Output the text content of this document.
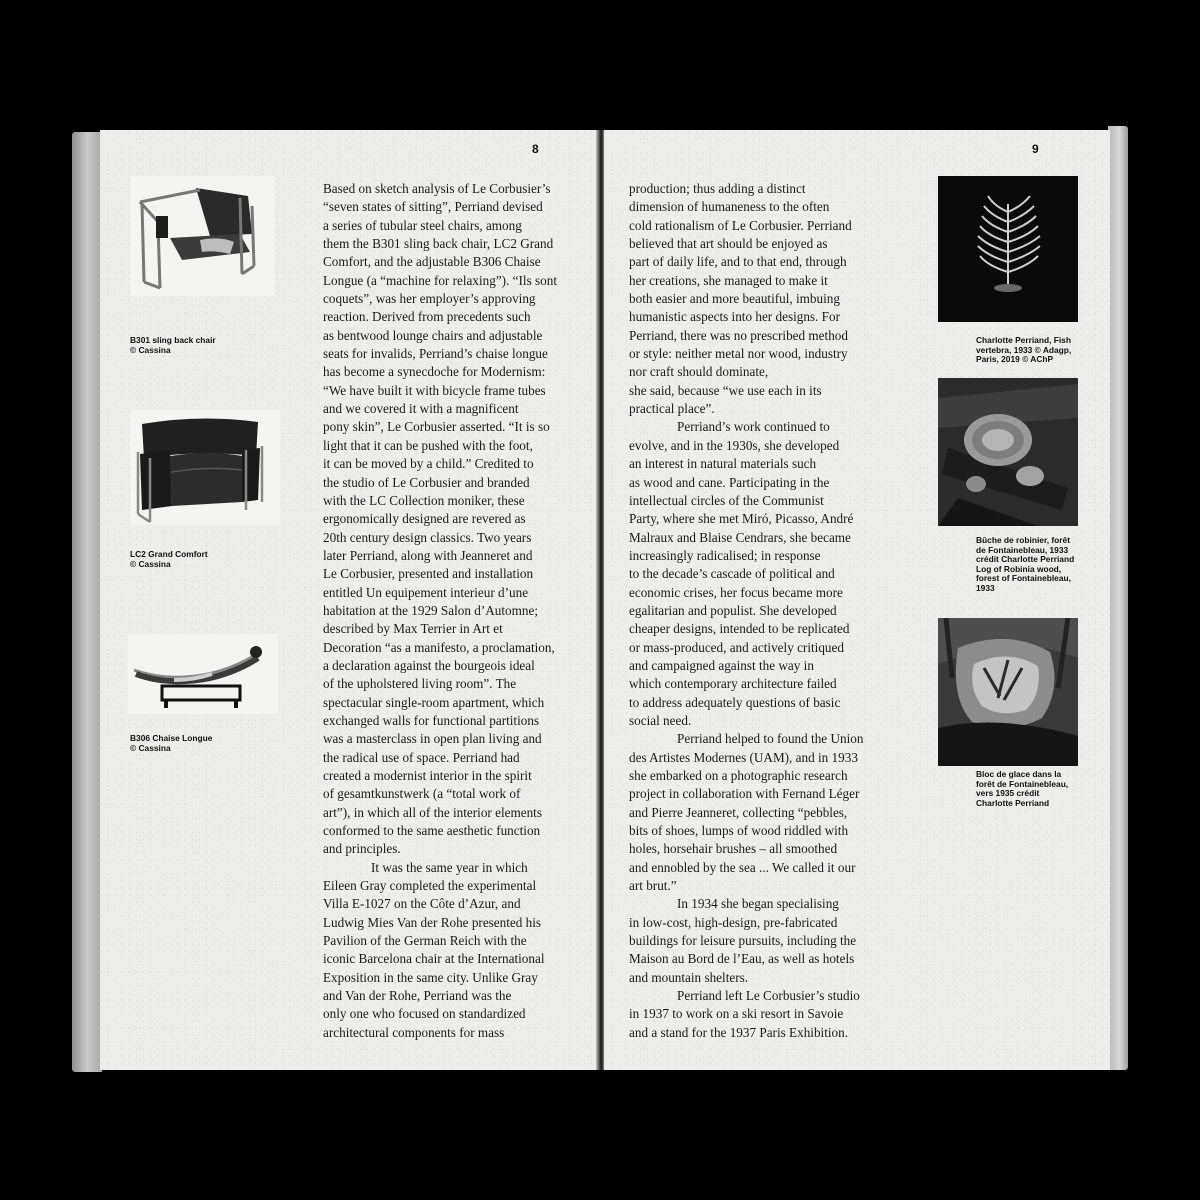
8
B301 sling back chair
© Cassina
LC2 Grand Comfort
© Cassina
B306 Chaise Longue
© Cassina
Based on sketch analysis of Le Corbusier’s
“seven states of sitting”, Perriand devised
a series of tubular steel chairs, among
them the B301 sling back chair, LC2 Grand
Comfort, and the adjustable B306 Chaise
Longue (a “machine for relaxing”). “Ils sont
coquets”, was her employer’s approving
reaction. Derived from precedents such
as bentwood lounge chairs and adjustable
seats for invalids, Perriand’s chaise longue
has become a synecdoche for Modernism:
“We have built it with bicycle frame tubes
and we covered it with a magnificent
pony skin”, Le Corbusier asserted. “It is so
light that it can be pushed with the foot,
it can be moved by a child.” Credited to
the studio of Le Corbusier and branded
with the LC Collection moniker, these
ergonomically designed are revered as
20th century design classics. Two years
later Perriand, along with Jeanneret and
Le Corbusier, presented and installation
entitled Un equipement interieur d’une
habitation at the 1929 Salon d’Automne;
described by Max Terrier in Art et
Decoration “as a manifesto, a proclamation,
a declaration against the bourgeois ideal
of the upholstered living room”. The
spectacular single-room apartment, which
exchanged walls for functional partitions
was a masterclass in open plan living and
the radical use of space. Perriand had
created a modernist interior in the spirit
of gesamtkunstwerk (a “total work of
art”), in which all of the interior elements
conformed to the same aesthetic function
and principles.
It was the same year in which
Eileen Gray completed the experimental
Villa E-1027 on the Côte d’Azur, and
Ludwig Mies Van der Rohe presented his
Pavilion of the German Reich with the
iconic Barcelona chair at the International
Exposition in the same city. Unlike Gray
and Van der Rohe, Perriand was the
only one who focused on standardized
architectural components for mass
9
production; thus adding a distinct
dimension of humaneness to the often
cold rationalism of Le Corbusier. Perriand
believed that art should be enjoyed as
part of daily life, and to that end, through
her creations, she managed to make it
both easier and more beautiful, imbuing
humanistic aspects into her designs. For
Perriand, there was no prescribed method
or style: neither metal nor wood, industry
nor craft should dominate,
she said, because “we use each in its
practical place”.
Perriand’s work continued to
evolve, and in the 1930s, she developed
an interest in natural materials such
as wood and cane. Participating in the
intellectual circles of the Communist
Party, where she met Miró, Picasso, André
Malraux and Blaise Cendrars, she became
increasingly radicalised; in response
to the decade’s cascade of political and
economic crises, her focus became more
egalitarian and populist. She developed
cheaper designs, intended to be replicated
or mass-produced, and actively critiqued
and campaigned against the way in
which contemporary architecture failed
to address adequately questions of basic
social need.
Perriand helped to found the Union
des Artistes Modernes (UAM), and in 1933
she embarked on a photographic research
project in collaboration with Fernand Léger
and Pierre Jeanneret, collecting “pebbles,
bits of shoes, lumps of wood riddled with
holes, horsehair brushes – all smoothed
and ennobled by the sea ... We called it our
art brut.”
In 1934 she began specialising
in low-cost, high-design, pre-fabricated
buildings for leisure pursuits, including the
Maison au Bord de l’Eau, as well as hotels
and mountain shelters.
Perriand left Le Corbusier’s studio
in 1937 to work on a ski resort in Savoie
and a stand for the 1937 Paris Exhibition.
Charlotte Perriand, Fish
vertebra, 1933 © Adagp,
Paris, 2019 © AChP
Bûche de robinier, forêt
de Fontainebleau, 1933
crédit Charlotte Perriand
Log of Robinia wood,
forest of Fontainebleau,
1933
Bloc de glace dans la
forêt de Fontainebleau,
vers 1935 crédit
Charlotte Perriand
